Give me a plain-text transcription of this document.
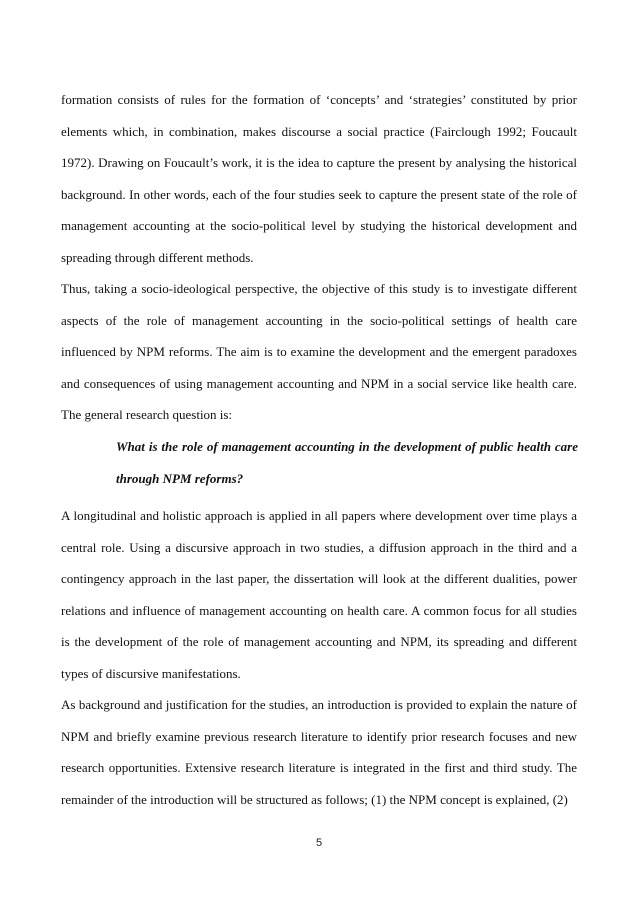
formation consists of rules for the formation of ‘concepts’ and ‘strategies’ constituted by prior elements which, in combination, makes discourse a social practice (Fairclough 1992; Foucault 1972). Drawing on Foucault’s work, it is the idea to capture the present by analysing the historical background. In other words, each of the four studies seek to capture the present state of the role of management accounting at the socio-political level by studying the historical development and spreading through different methods.

Thus, taking a socio-ideological perspective, the objective of this study is to investigate different aspects of the role of management accounting in the socio-political settings of health care influenced by NPM reforms. The aim is to examine the development and the emergent paradoxes and consequences of using management accounting and NPM in a social service like health care. The general research question is:

What is the role of management accounting in the development of public health care through NPM reforms?

A longitudinal and holistic approach is applied in all papers where development over time plays a central role. Using a discursive approach in two studies, a diffusion approach in the third and a contingency approach in the last paper, the dissertation will look at the different dualities, power relations and influence of management accounting on health care. A common focus for all studies is the development of the role of management accounting and NPM, its spreading and different types of discursive manifestations.

As background and justification for the studies, an introduction is provided to explain the nature of NPM and briefly examine previous research literature to identify prior research focuses and new research opportunities. Extensive research literature is integrated in the first and third study. The remainder of the introduction will be structured as follows; (1) the NPM concept is explained, (2)

5
